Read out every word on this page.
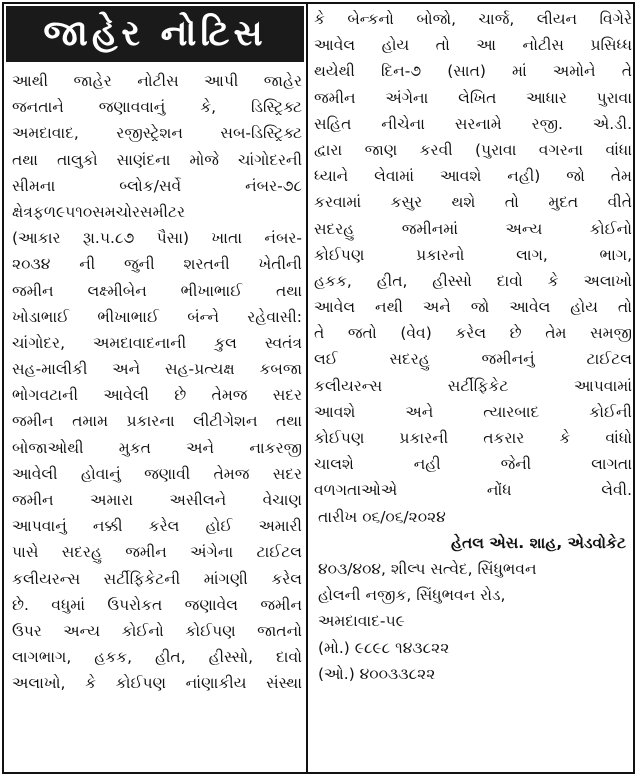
જાહેર નોટિસ
આથી જાહેર નોટીસ આપી જાહેર
જનતાને જણાવવાનું કે, ડિસ્ટ્રિક્ટ
અમદાવાદ, રજીસ્ટ્રેશન સબ-ડિસ્ટ્રિક્ટ
તથા તાલુકો સાણંદના મોજે ચાંગોદરની
સીમના બ્લોક/સર્વે નંબર-૭૮
ક્ષેત્રફળ૯૫૧૦સમચોરસમીટર
(આકાર રૂા.૫.૮૭ પૈસા) ખાતા નંબર-
૨૦૩૪ ની જુની શરતની ખેતીની
જમીન લક્ષ્મીબેન ભીખાભાઈ તથા
ખોડાભાઈ ભીખાભાઈ બંન્ને રહેવાસી:
ચાંગોદર, અમદાવાદનાની કુલ સ્વતંત્ર
સહ-માલીકી અને સહ-પ્રત્યક્ષ કબજા
ભોગવટાની આવેલી છે તેમજ સદર
જમીન તમામ પ્રકારના લીટીગેશન તથા
બોજાઓથી મુકત અને નાકરજી
આવેલી હોવાનું જણાવી તેમજ સદર
જમીન અમારા અસીલને વેચાણ
આપવાનું નક્કી કરેલ હોઈ અમારી
પાસે સદરહુ જમીન અંગેના ટાઈટલ
કલીયરન્સ સર્ટીફિકેટની માંગણી કરેલ
છે. વધુમાં ઉપરોકત જણાવેલ જમીન
ઉપર અન્ય કોઈનો કોઈપણ જાતનો
લાગભાગ, હકક, હીત, હીસ્સો, દાવો
અલાખો, કે કોઈપણ નાંણાકીય સંસ્થા
કે બેન્કનો બોજો, ચાર્જ, લીયન વિગેરે
આવેલ હોય તો આ નોટીસ પ્રસિધ્ધ
થયેથી દિન-૭ (સાત) માં અમોને તે
જમીન અંગેના લેખિત આધાર પુરાવા
સહિત નીચેના સરનામે રજી. એ.ડી.
દ્વારા જાણ કરવી (પુરાવા વગરના વાંધા
ધ્યાને લેવામાં આવશે નહી) જો તેમ
કરવામાં કસુર થશે તો મુદત વીતે
સદરહુ જમીનમાં અન્ય કોઈનો
કોઈપણ પ્રકારનો લાગ, ભાગ,
હકક, હીત, હીસ્સો દાવો કે અલાખો
આવેલ નથી અને જો આવેલ હોય તો
તે જતો (વેવ) કરેલ છે તેમ સમજી
લઈ સદરહુ જમીનનું ટાઈટલ
કલીયરન્સ સર્ટીફિકેટ આપવામાં
આવશે અને ત્યારબાદ કોઈની
કોઈપણ પ્રકારની તકરાર કે વાંધો
ચાલશે નહી જેની લાગતા
વળગતાઓએ નોંધ લેવી.
તારીખ ૦૬/૦૬/૨૦૨૪
હેતલ એસ. શાહ, એડવોકેટ
૪૦૩/૪૦૪, શીલ્પ સત્વેદ, સિંધુભવન
હોલની નજીક, સિંધુભવન રોડ,
અમદાવાદ-૫૯
(મો.) ૯૮૯૮ ૧૪૩૮૨૨
(ઓ.) ૪૦૦૩૩૮૨૨
